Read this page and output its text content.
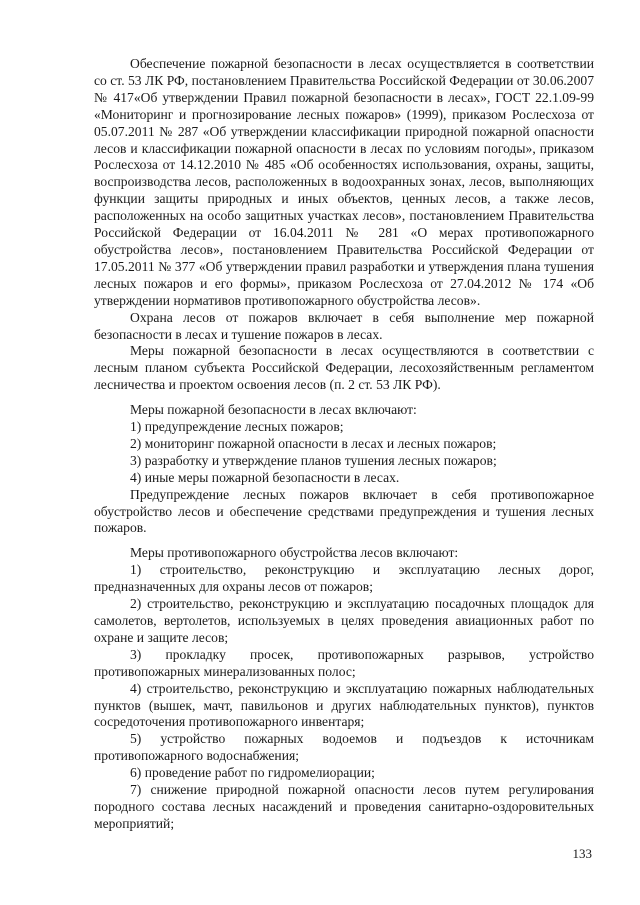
Обеспечение пожарной безопасности в лесах осуществляется в соответствии со ст. 53 ЛК РФ, постановлением Правительства Российской Федерации от 30.06.2007 № 417«Об утверждении Правил пожарной безопасности в лесах», ГОСТ 22.1.09-99 «Мониторинг и прогнозирование лесных пожаров» (1999), приказом Рослесхоза от 05.07.2011 № 287 «Об утверждении классификации природной пожарной опасности лесов и классификации пожарной опасности в лесах по условиям погоды», приказом Рослесхоза от 14.12.2010 № 485 «Об особенностях использования, охраны, защиты, воспроизводства лесов, расположенных в водоохранных зонах, лесов, выполняющих функции защиты природных и иных объектов, ценных лесов, а также лесов, расположенных на особо защитных участках лесов», постановлением Правительства Российской Федерации от 16.04.2011 № 281 «О мерах противопожарного обустройства лесов», постановлением Правительства Российской Федерации от 17.05.2011 № 377 «Об утверждении правил разработки и утверждения плана тушения лесных пожаров и его формы», приказом Рослесхоза от 27.04.2012 № 174 «Об утверждении нормативов противопожарного обустройства лесов».

Охрана лесов от пожаров включает в себя выполнение мер пожарной безопасности в лесах и тушение пожаров в лесах.

Меры пожарной безопасности в лесах осуществляются в соответствии с лесным планом субъекта Российской Федерации, лесохозяйственным регламентом лесничества и проектом освоения лесов (п. 2 ст. 53 ЛК РФ).

Меры пожарной безопасности в лесах включают:

1) предупреждение лесных пожаров;

2) мониторинг пожарной опасности в лесах и лесных пожаров;

3) разработку и утверждение планов тушения лесных пожаров;

4) иные меры пожарной безопасности в лесах.

Предупреждение лесных пожаров включает в себя противопожарное обустройство лесов и обеспечение средствами предупреждения и тушения лесных пожаров.

Меры противопожарного обустройства лесов включают:

1) строительство, реконструкцию и эксплуатацию лесных дорог, предназначенных для охраны лесов от пожаров;

2) строительство, реконструкцию и эксплуатацию посадочных площадок для самолетов, вертолетов, используемых в целях проведения авиационных работ по охране и защите лесов;

3) прокладку просек, противопожарных разрывов, устройство противопожарных минерализованных полос;

4) строительство, реконструкцию и эксплуатацию пожарных наблюдательных пунктов (вышек, мачт, павильонов и других наблюдательных пунктов), пунктов сосредоточения противопожарного инвентаря;

5) устройство пожарных водоемов и подъездов к источникам противопожарного водоснабжения;

6) проведение работ по гидромелиорации;

7) снижение природной пожарной опасности лесов путем регулирования породного состава лесных насаждений и проведения санитарно-оздоровительных мероприятий;

133
